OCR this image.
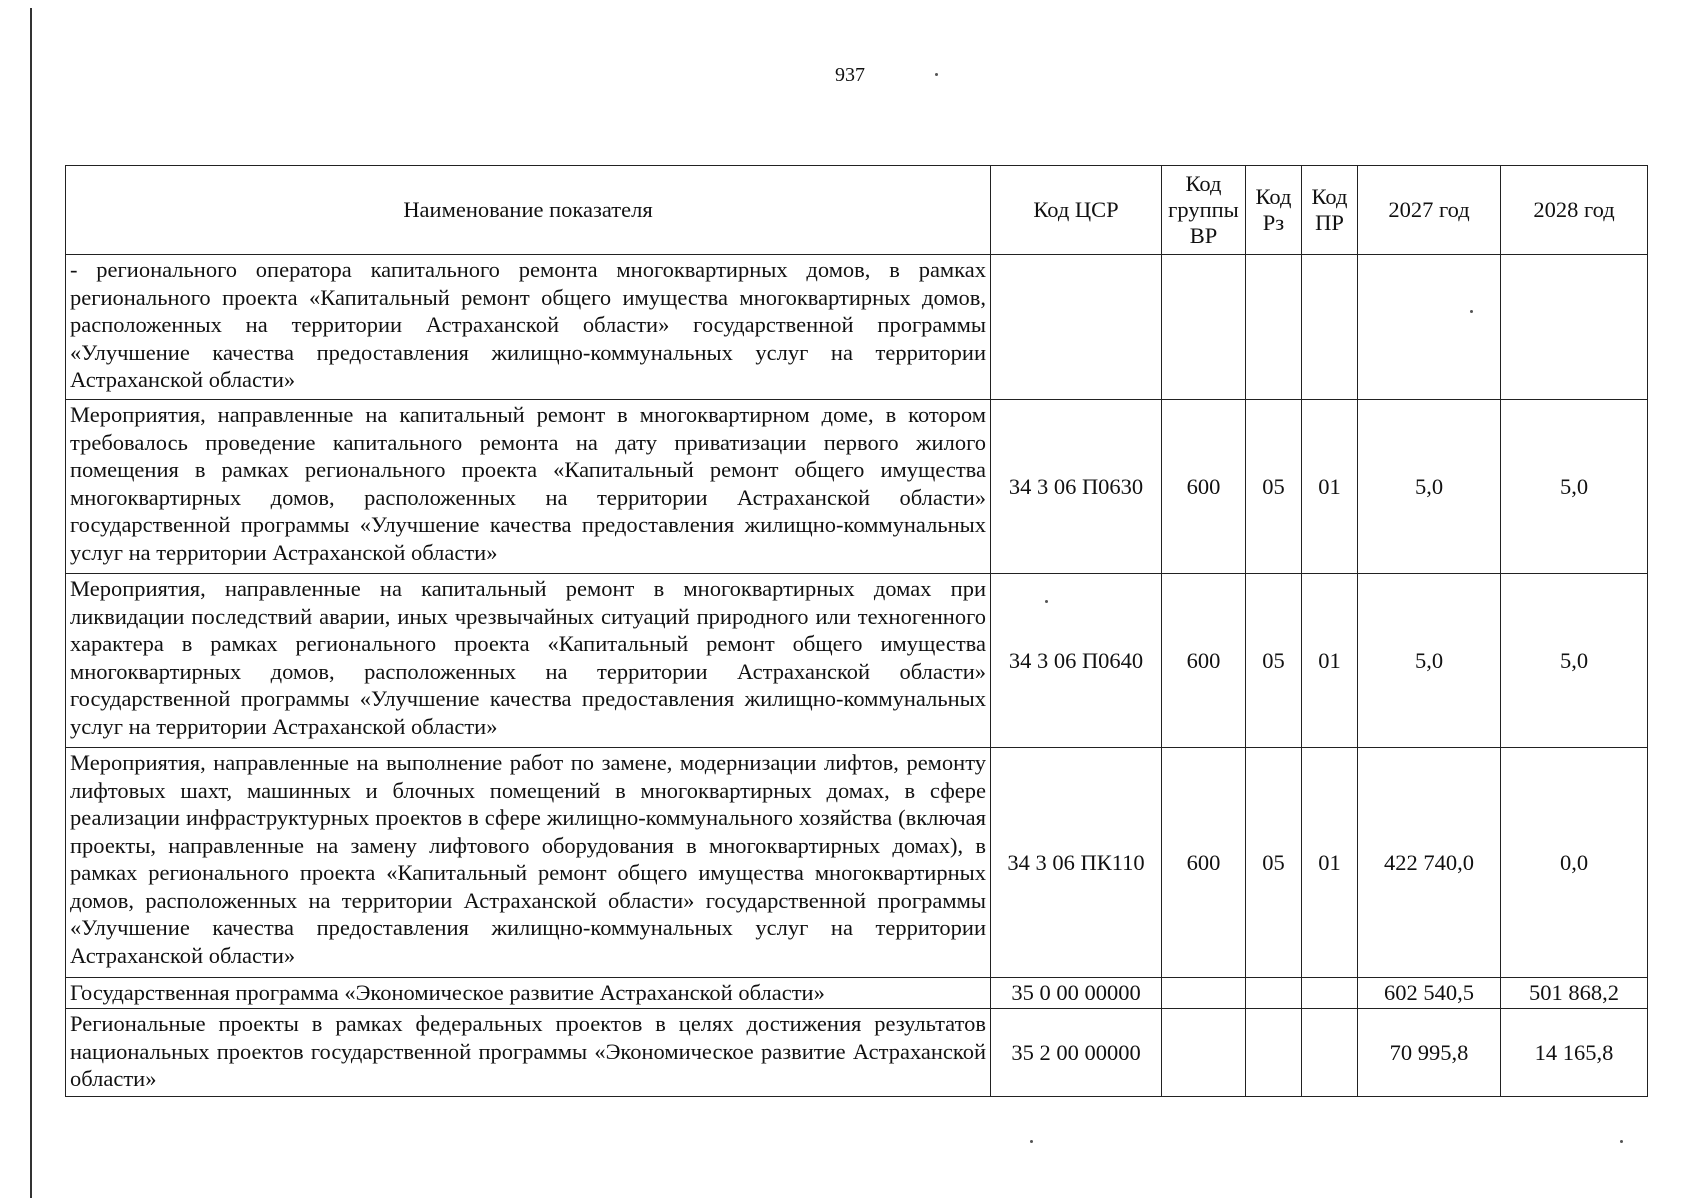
937
Наименование показателя	Код ЦСР	Код группы ВР	Код Рз	Код ПР	2027 год	2028 год
- регионального оператора капитального ремонта многоквартирных домов, в рамках регионального проекта «Капитальный ремонт общего имущества многоквартирных домов, расположенных на территории Астраханской области» государственной программы «Улучшение качества предоставления жилищно-коммунальных услуг на территории Астраханской области»						
Мероприятия, направленные на капитальный ремонт в многоквартирном доме, в котором требовалось проведение капитального ремонта на дату приватизации первого жилого помещения в рамках регионального проекта «Капитальный ремонт общего имущества многоквартирных домов, расположенных на территории Астраханской области» государственной программы «Улучшение качества предоставления жилищно-коммунальных услуг на территории Астраханской области»	34 3 06 П0630	600	05	01	5,0	5,0
Мероприятия, направленные на капитальный ремонт в многоквартирных домах при ликвидации последствий аварии, иных чрезвычайных ситуаций природного или техногенного характера в рамках регионального проекта «Капитальный ремонт общего имущества многоквартирных домов, расположенных на территории Астраханской области» государственной программы «Улучшение качества предоставления жилищно-коммунальных услуг на территории Астраханской области»	34 3 06 П0640	600	05	01	5,0	5,0
Мероприятия, направленные на выполнение работ по замене, модернизации лифтов, ремонту лифтовых шахт, машинных и блочных помещений в многоквартирных домах, в сфере реализации инфраструктурных проектов в сфере жилищно-коммунального хозяйства (включая проекты, направленные на замену лифтового оборудования в многоквартирных домах), в рамках регионального проекта «Капитальный ремонт общего имущества многоквартирных домов, расположенных на территории Астраханской области» государственной программы «Улучшение качества предоставления жилищно-коммунальных услуг на территории Астраханской области»	34 3 06 ПК110	600	05	01	422 740,0	0,0
Государственная программа «Экономическое развитие Астраханской области»	35 0 00 00000				602 540,5	501 868,2
Региональные проекты в рамках федеральных проектов в целях достижения результатов национальных проектов государственной программы «Экономическое развитие Астраханской области»	35 2 00 00000				70 995,8	14 165,8
